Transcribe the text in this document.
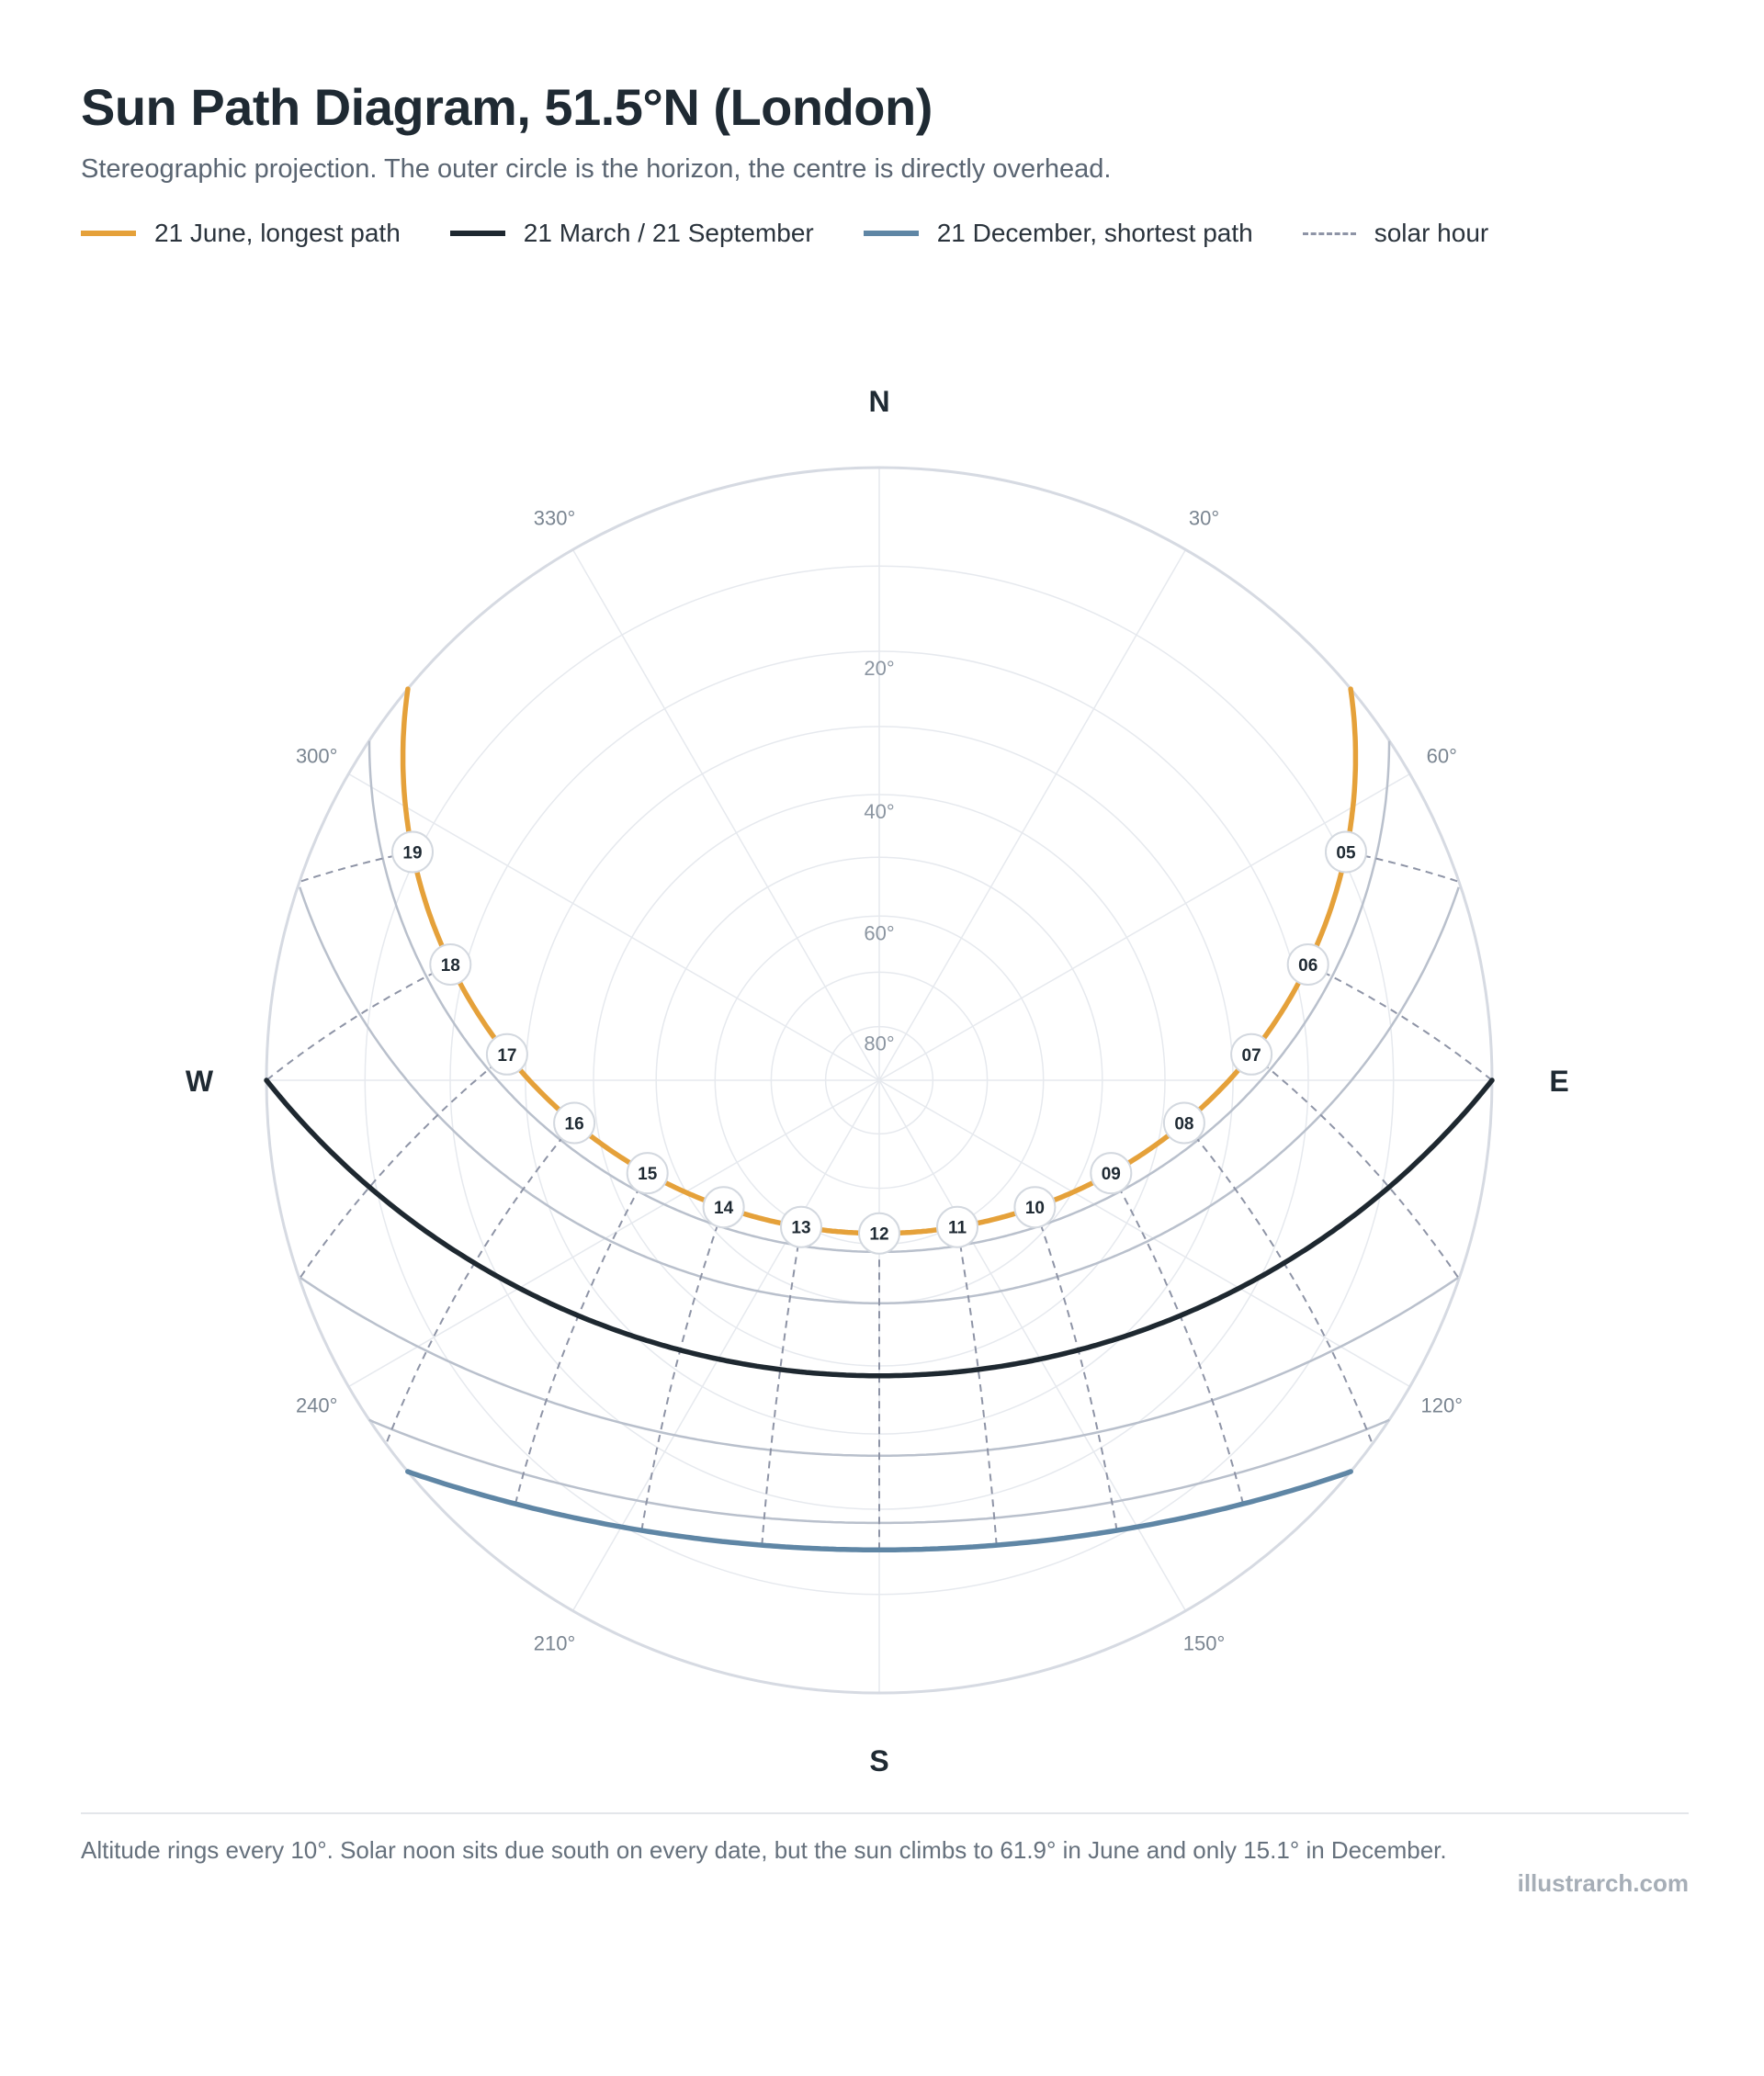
Sun Path Diagram, 51.5°N (London)
Stereographic projection. The outer circle is the horizon, the centre is directly overhead.
21 June, longest path	21 March / 21 September	21 December, shortest path	solar hour
05
06
07
08
09
10
11
12
13
14
15
16
17
18
19
20°
40°
60°
80°
30°
60°
120°
150°
210°
240°
300°
330°
N
E
S
W
Altitude rings every 10°. Solar noon sits due south on every date, but the sun climbs to 61.9° in June and only 15.1° in December.
illustrarch.com
